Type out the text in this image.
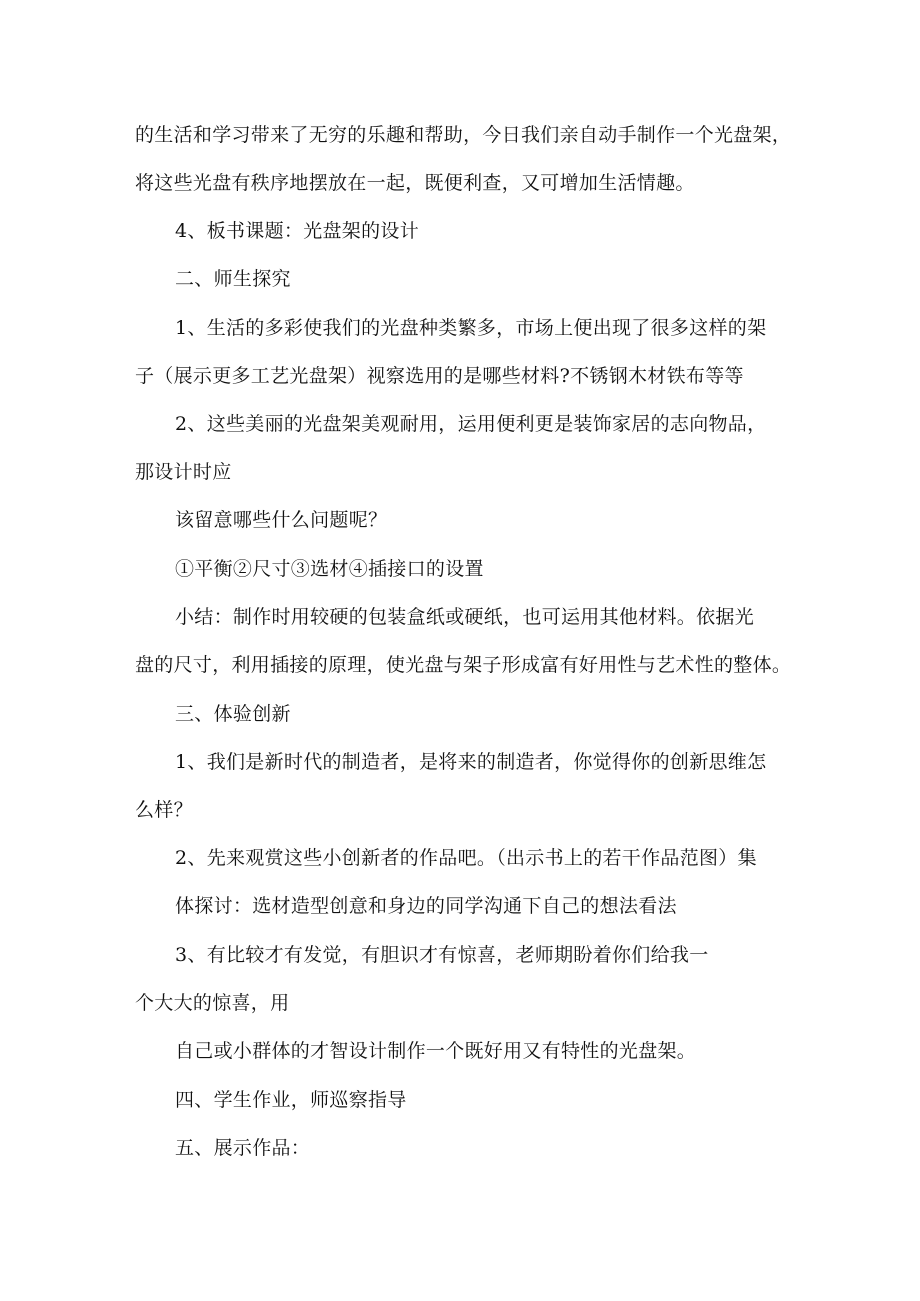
的生活和学习带来了无穷的乐趣和帮助，今日我们亲自动手制作一个光盘架，
将这些光盘有秩序地摆放在一起，既便利查，又可增加生活情趣。
4、板书课题：光盘架的设计
二、师生探究
1、生活的多彩使我们的光盘种类繁多，市场上便出现了很多这样的架
子（展示更多工艺光盘架）视察选用的是哪些材料?不锈钢木材铁布等等
2、这些美丽的光盘架美观耐用，运用便利更是装饰家居的志向物品，
那设计时应
该留意哪些什么问题呢？
①平衡②尺寸③选材④插接口的设置
小结：制作时用较硬的包装盒纸或硬纸，也可运用其他材料。依据光
盘的尺寸，利用插接的原理，使光盘与架子形成富有好用性与艺术性的整体。
三、体验创新
1、我们是新时代的制造者，是将来的制造者，你觉得你的创新思维怎
么样？
2、先来观赏这些小创新者的作品吧。（出示书上的若干作品范图）集
体探讨：选材造型创意和身边的同学沟通下自己的想法看法
3、有比较才有发觉，有胆识才有惊喜，老师期盼着你们给我一
个大大的惊喜，用
自己或小群体的才智设计制作一个既好用又有特性的光盘架。
四、学生作业，师巡察指导
五、展示作品：
